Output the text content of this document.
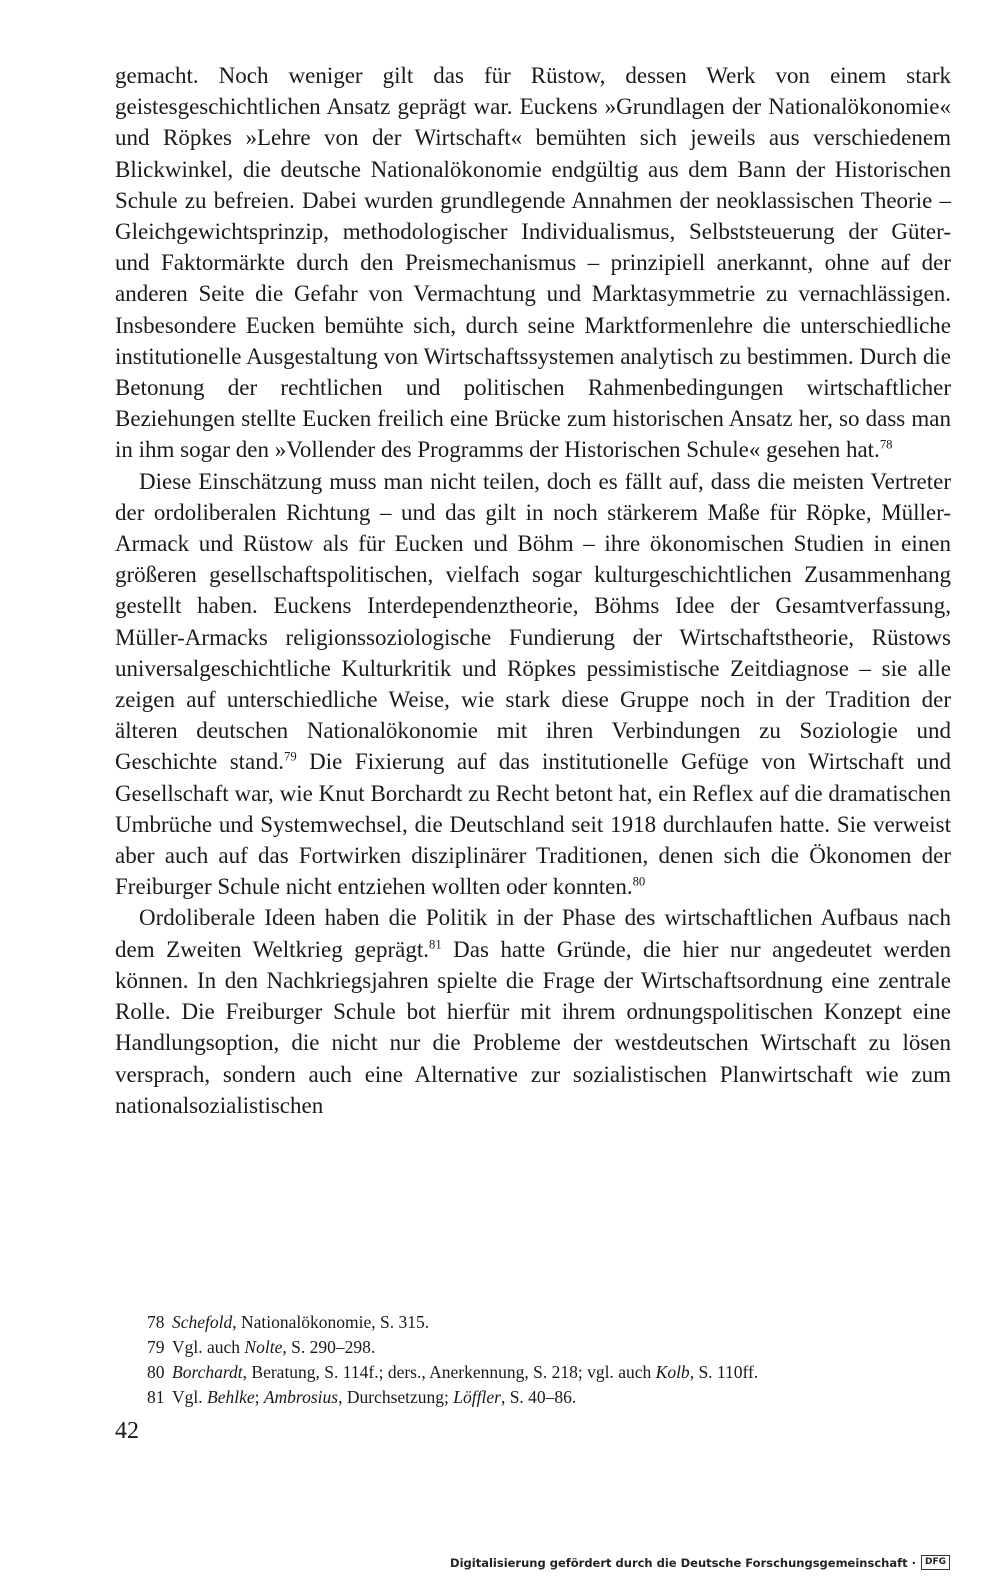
gemacht. Noch weniger gilt das für Rüstow, dessen Werk von einem stark geistesgeschichtlichen Ansatz geprägt war. Euckens »Grundlagen der Nationalökonomie« und Röpkes »Lehre von der Wirtschaft« bemühten sich jeweils aus verschiedenem Blickwinkel, die deutsche Nationalökonomie endgültig aus dem Bann der Historischen Schule zu befreien. Dabei wurden grundlegende Annahmen der neoklassischen Theorie – Gleichgewichtsprinzip, methodologischer Individualismus, Selbststeuerung der Güter- und Faktormärkte durch den Preismechanismus – prinzipiell anerkannt, ohne auf der anderen Seite die Gefahr von Vermachtung und Marktasymmetrie zu vernachlässigen. Insbesondere Eucken bemühte sich, durch seine Marktformenlehre die unterschiedliche institutionelle Ausgestaltung von Wirtschaftssystemen analytisch zu bestimmen. Durch die Betonung der rechtlichen und politischen Rahmenbedingungen wirtschaftlicher Beziehungen stellte Eucken freilich eine Brücke zum historischen Ansatz her, so dass man in ihm sogar den »Vollender des Programms der Historischen Schule« gesehen hat.$^{78}$

Diese Einschätzung muss man nicht teilen, doch es fällt auf, dass die meisten Vertreter der ordoliberalen Richtung – und das gilt in noch stärkerem Maße für Röpke, Müller-Armack und Rüstow als für Eucken und Böhm – ihre ökonomischen Studien in einen größeren gesellschaftspolitischen, vielfach sogar kulturgeschichtlichen Zusammenhang gestellt haben. Euckens Interdependenztheorie, Böhms Idee der Gesamtverfassung, Müller-Armacks religionssoziologische Fundierung der Wirtschaftstheorie, Rüstows universalgeschichtliche Kulturkritik und Röpkes pessimistische Zeitdiagnose – sie alle zeigen auf unterschiedliche Weise, wie stark diese Gruppe noch in der Tradition der älteren deutschen Nationalökonomie mit ihren Verbindungen zu Soziologie und Geschichte stand.$^{79}$ Die Fixierung auf das institutionelle Gefüge von Wirtschaft und Gesellschaft war, wie Knut Borchardt zu Recht betont hat, ein Reflex auf die dramatischen Umbrüche und Systemwechsel, die Deutschland seit 1918 durchlaufen hatte. Sie verweist aber auch auf das Fortwirken disziplinärer Traditionen, denen sich die Ökonomen der Freiburger Schule nicht entziehen wollten oder konnten.$^{80}$

Ordoliberale Ideen haben die Politik in der Phase des wirtschaftlichen Aufbaus nach dem Zweiten Weltkrieg geprägt.$^{81}$ Das hatte Gründe, die hier nur angedeutet werden können. In den Nachkriegsjahren spielte die Frage der Wirtschaftsordnung eine zentrale Rolle. Die Freiburger Schule bot hierfür mit ihrem ordnungspolitischen Konzept eine Handlungsoption, die nicht nur die Probleme der westdeutschen Wirtschaft zu lösen versprach, sondern auch eine Alternative zur sozialistischen Planwirtschaft wie zum nationalsozialistischen

78 Schefold, Nationalökonomie, S. 315.
79 Vgl. auch Nolte, S. 290–298.
80 Borchardt, Beratung, S. 114f.; ders., Anerkennung, S. 218; vgl. auch Kolb, S. 110ff.
81 Vgl. Behlke; Ambrosius, Durchsetzung; Löffler, S. 40–86.
42
Digitalisierung gefördert durch die Deutsche Forschungsgemeinschaft ·	DFG
